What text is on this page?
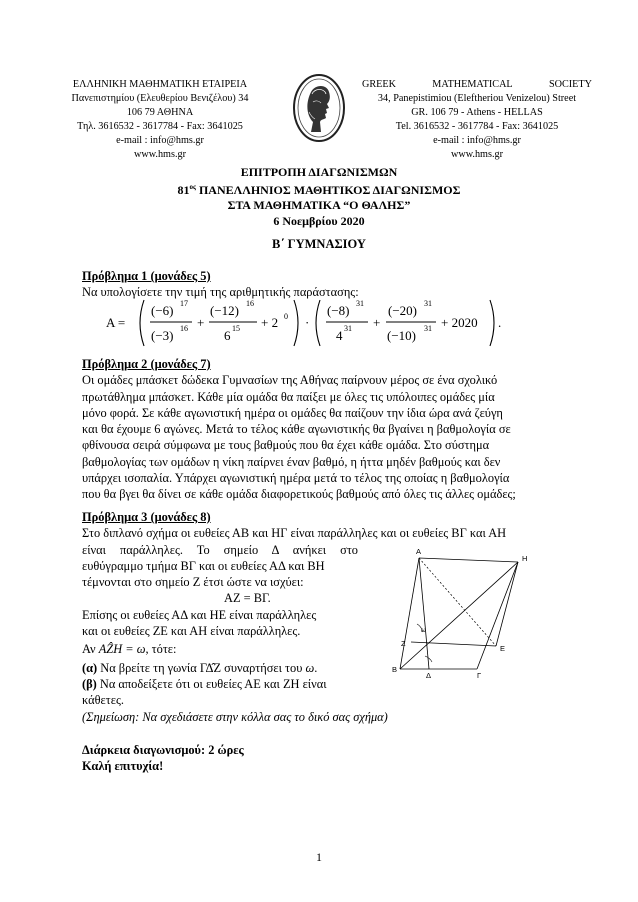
ΕΛΛΗΝΙΚΗ ΜΑΘΗΜΑΤΙΚΗ ΕΤΑΙΡΕΙΑ
Πανεπιστημίου (Ελευθερίου Βενιζέλου) 34
106 79 ΑΘΗΝΑ
Τηλ. 3616532 - 3617784 - Fax: 3641025
e-mail : info@hms.gr
www.hms.gr
GREEK	MATHEMATICAL	SOCIETY
34, Panepistimiou (Εleftheriou Venizelou) Street
GR. 106 79 - Athens - HELLAS
Tel. 3616532 - 3617784 - Fax: 3641025
e-mail : info@hms.gr
www.hms.gr
ΕΠΙΤΡΟΠΗ ΔΙΑΓΩΝΙΣΜΩΝ
$81^{o\varsigma}$ ΠΑΝΕΛΛΗΝΙΟΣ ΜΑΘΗΤΙΚΟΣ ΔΙΑΓΩΝΙΣΜΟΣ
ΣΤΑ ΜΑΘΗΜΑΤΙΚΑ “Ο ΘΑΛΗΣ”
6 Νοεμβρίου 2020
Β΄ ΓΥΜΝΑΣΙΟΥ
Πρόβλημα 1 (μονάδες 5)
Να υπολογίσετε την τιμή της αριθμητικής παράστασης:
A =
(−6) 17
(−3) 16 +
(−12) 16
6 15 + 2 0 ·
(−8) 31
4 31 +
(−20) 31
(−10) 31 + 2020 .
Πρόβλημα 2 (μονάδες 7)
Οι ομάδες μπάσκετ δώδεκα Γυμνασίων της Αθήνας παίρνουν μέρος σε ένα σχολικό
πρωτάθλημα μπάσκετ. Κάθε μία ομάδα θα παίξει με όλες τις υπόλοιπες ομάδες μία
μόνο φορά. Σε κάθε αγωνιστική ημέρα οι ομάδες θα παίζουν την ίδια ώρα ανά ζεύγη
και θα έχουμε 6 αγώνες. Μετά το τέλος κάθε αγωνιστικής θα βγαίνει η βαθμολογία σε
φθίνουσα σειρά σύμφωνα με τους βαθμούς που θα έχει κάθε ομάδα. Στο σύστημα
βαθμολογίας των ομάδων η νίκη παίρνει έναν βαθμό, η ήττα μηδέν βαθμούς και δεν
υπάρχει ισοπαλία. Υπάρχει αγωνιστική ημέρα μετά το τέλος της οποίας η βαθμολογία
που θα βγει θα δίνει σε κάθε ομάδα διαφορετικούς βαθμούς από όλες τις άλλες ομάδες;
Πρόβλημα 3 (μονάδες 8)
Στο διπλανό σχήμα οι ευθείες ΑΒ και ΗΓ είναι παράλληλες και οι ευθείες ΒΓ και ΑΗ
είναι παράλληλες. Το σημείο Δ ανήκει στο
ευθύγραμμο τμήμα ΒΓ και οι ευθείες ΑΔ και ΒΗ
τέμνονται στο σημείο Ζ έτσι ώστε να ισχύει:
ΑΖ = ΒΓ.
Επίσης οι ευθείες ΑΔ και ΗΕ είναι παράλληλες
και οι ευθείες ΖΕ και ΑΗ είναι παράλληλες.
Αν ΑẐΗ = ω, τότε:
(α) Να βρείτε τη γωνία ΓΔ̂Ζ συναρτήσει του ω.
(β) Να αποδείξετε ότι οι ευθείες ΑΕ και ΖΗ είναι
κάθετες.
(Σημείωση: Να σχεδιάσετε στην κόλλα σας το δικό σας σχήμα)
Α
Η
Ζ
Ε
Β
Δ	Γ
ω
Διάρκεια διαγωνισμού: 2 ώρες
Καλή επιτυχία!
1
